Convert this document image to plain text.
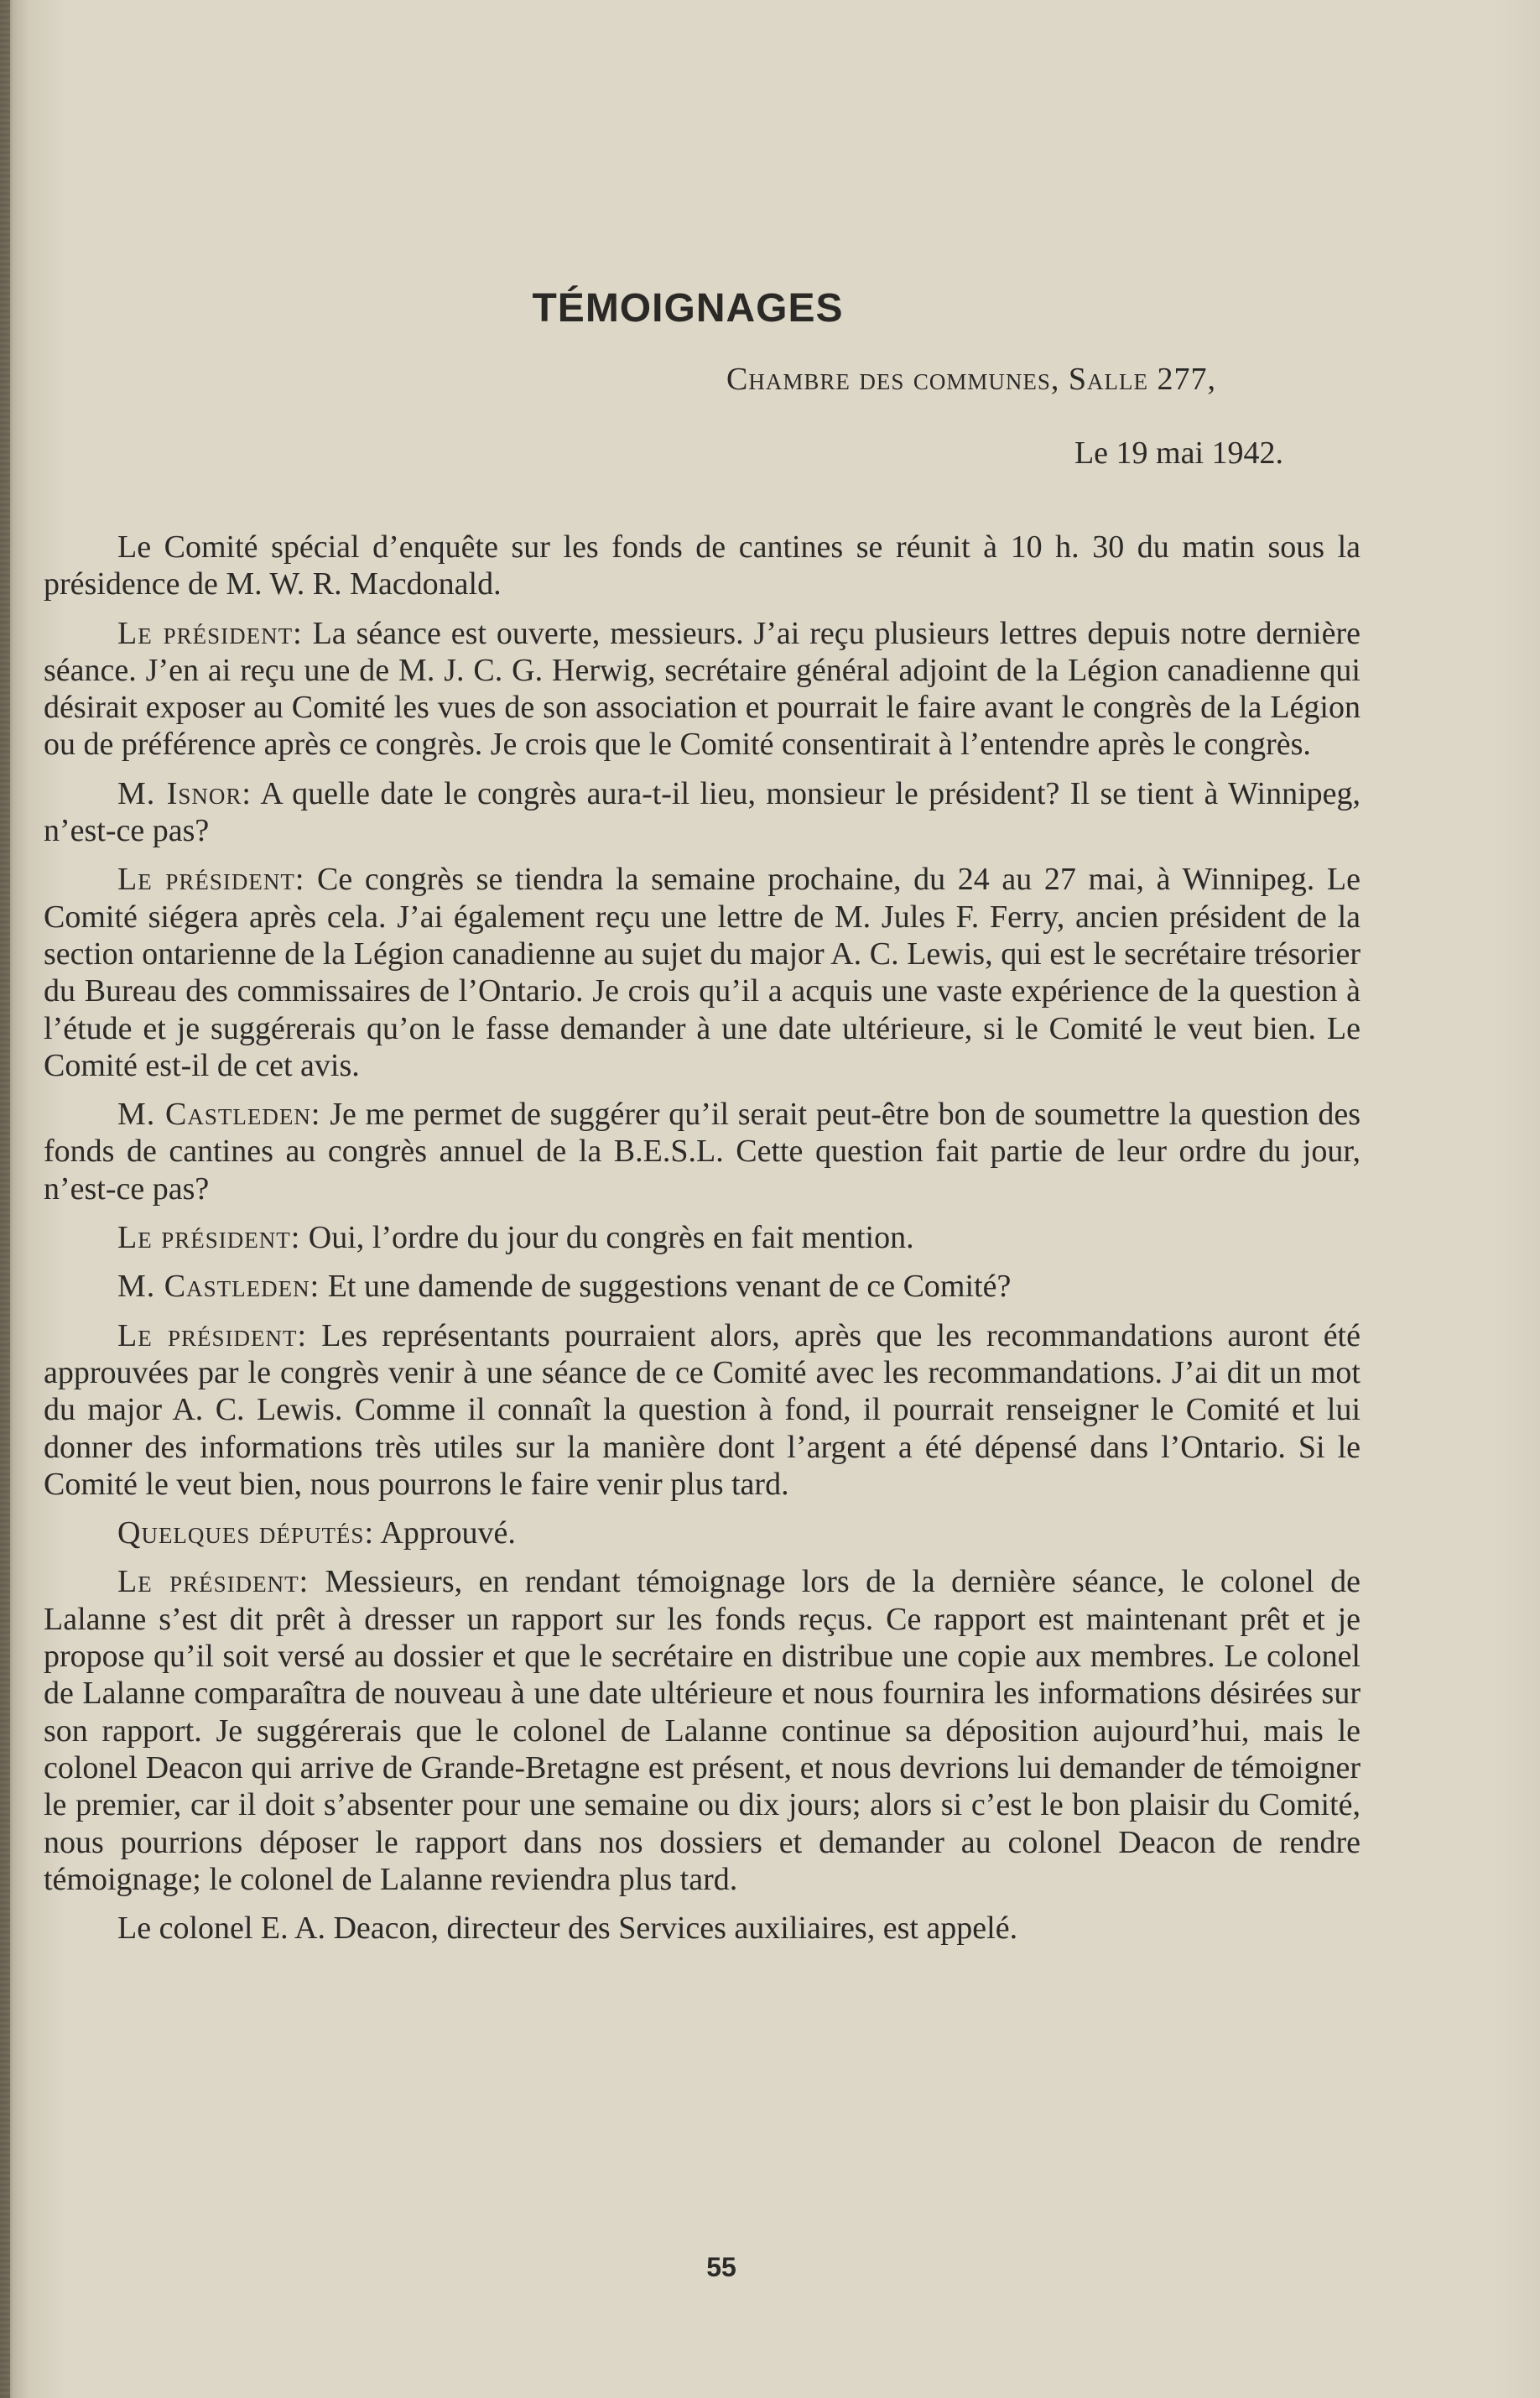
TÉMOIGNAGES
Chambre des communes, Salle 277,
Le 19 mai 1942.

Le Comité spécial d’enquête sur les fonds de cantines se réunit à 10 h. 30 du matin sous la présidence de M. W. R. Macdonald.

Le président: La séance est ouverte, messieurs. J’ai reçu plusieurs lettres depuis notre dernière séance. J’en ai reçu une de M. J. C. G. Herwig, secrétaire général adjoint de la Légion canadienne qui désirait exposer au Comité les vues de son association et pourrait le faire avant le congrès de la Légion ou de préférence après ce congrès. Je crois que le Comité consentirait à l’entendre après le congrès.

M. Isnor: A quelle date le congrès aura-t-il lieu, monsieur le président? Il se tient à Winnipeg, n’est-ce pas?

Le président: Ce congrès se tiendra la semaine prochaine, du 24 au 27 mai, à Winnipeg. Le Comité siégera après cela. J’ai également reçu une lettre de M. Jules F. Ferry, ancien président de la section ontarienne de la Légion canadienne au sujet du major A. C. Lewis, qui est le secrétaire trésorier du Bureau des commissaires de l’Ontario. Je crois qu’il a acquis une vaste expérience de la question à l’étude et je suggérerais qu’on le fasse demander à une date ultérieure, si le Comité le veut bien. Le Comité est-il de cet avis.

M. Castleden: Je me permet de suggérer qu’il serait peut-être bon de soumettre la question des fonds de cantines au congrès annuel de la B.E.S.L. Cette question fait partie de leur ordre du jour, n’est-ce pas?

Le président: Oui, l’ordre du jour du congrès en fait mention.

M. Castleden: Et une damende de suggestions venant de ce Comité?

Le président: Les représentants pourraient alors, après que les recommandations auront été approuvées par le congrès venir à une séance de ce Comité avec les recommandations. J’ai dit un mot du major A. C. Lewis. Comme il connaît la question à fond, il pourrait renseigner le Comité et lui donner des informations très utiles sur la manière dont l’argent a été dépensé dans l’Ontario. Si le Comité le veut bien, nous pourrons le faire venir plus tard.

Quelques députés: Approuvé.

Le président: Messieurs, en rendant témoignage lors de la dernière séance, le colonel de Lalanne s’est dit prêt à dresser un rapport sur les fonds reçus. Ce rapport est maintenant prêt et je propose qu’il soit versé au dossier et que le secrétaire en distribue une copie aux membres. Le colonel de Lalanne comparaîtra de nouveau à une date ultérieure et nous fournira les informations désirées sur son rapport. Je suggérerais que le colonel de Lalanne continue sa déposition aujourd’hui, mais le colonel Deacon qui arrive de Grande-Bretagne est présent, et nous devrions lui demander de témoigner le premier, car il doit s’absenter pour une semaine ou dix jours; alors si c’est le bon plaisir du Comité, nous pourrions déposer le rapport dans nos dossiers et demander au colonel Deacon de rendre témoignage; le colonel de Lalanne reviendra plus tard.

Le colonel E. A. Deacon, directeur des Services auxiliaires, est appelé.

55
